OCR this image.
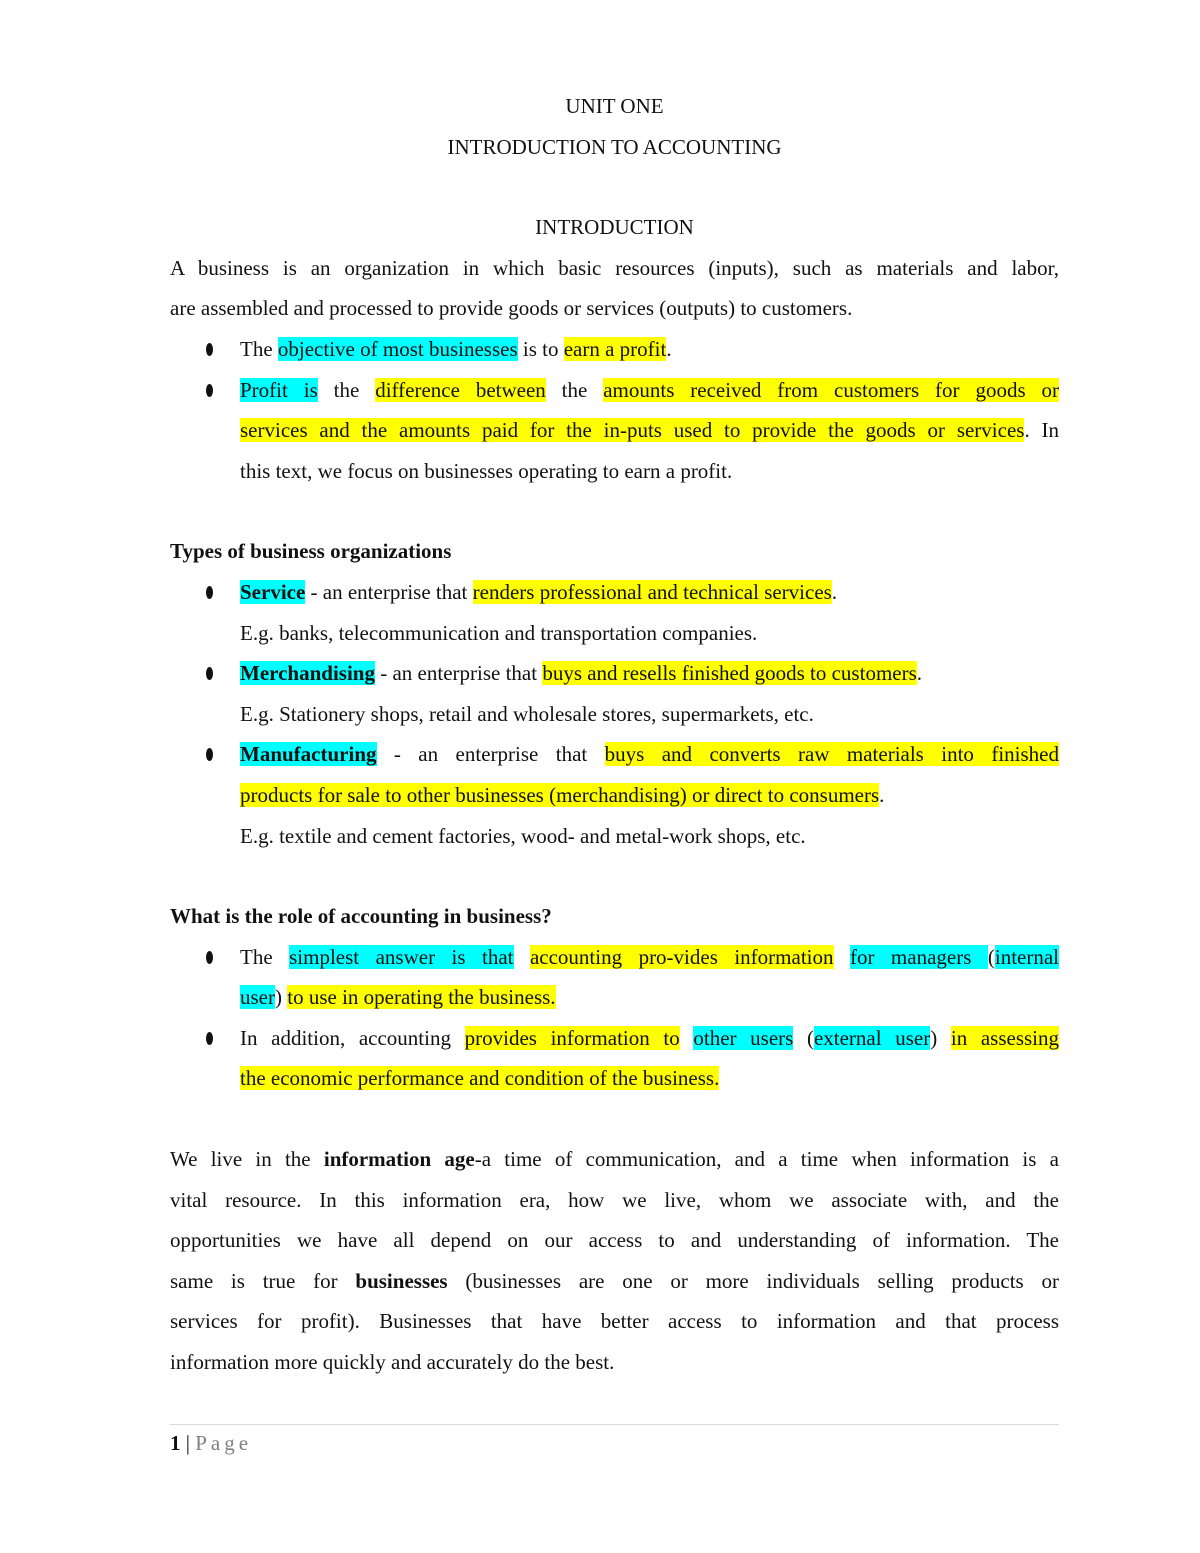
UNIT ONE
INTRODUCTION TO ACCOUNTING
INTRODUCTION

A business is an organization in which basic resources (inputs), such as materials and labor,

are assembled and processed to provide goods or services (outputs) to customers.

The objective of most businesses is to earn a profit.
Profit is the difference between the amounts received from customers for goods or
services and the amounts paid for the in-puts used to provide the goods or services. In
this text, we focus on businesses operating to earn a profit.

Types of business organizations

Service - an enterprise that renders professional and technical services.
E.g. banks, telecommunication and transportation companies.
Merchandising - an enterprise that buys and resells finished goods to customers.
E.g. Stationery shops, retail and wholesale stores, supermarkets, etc.
Manufacturing - an enterprise that buys and converts raw materials into finished
products for sale to other businesses (merchandising) or direct to consumers.
E.g. textile and cement factories, wood- and metal-work shops, etc.

What is the role of accounting in business?

The simplest answer is that accounting pro-vides information for managers (internal
user) to use in operating the business.
In addition, accounting provides information to other users (external user) in assessing
the economic performance and condition of the business.

We live in the information age-a time of communication, and a time when information is a

vital resource. In this information era, how we live, whom we associate with, and the

opportunities we have all depend on our access to and understanding of information. The

same is true for businesses (businesses are one or more individuals selling products or

services for profit). Businesses that have better access to information and that process

information more quickly and accurately do the best.

1 | Page
